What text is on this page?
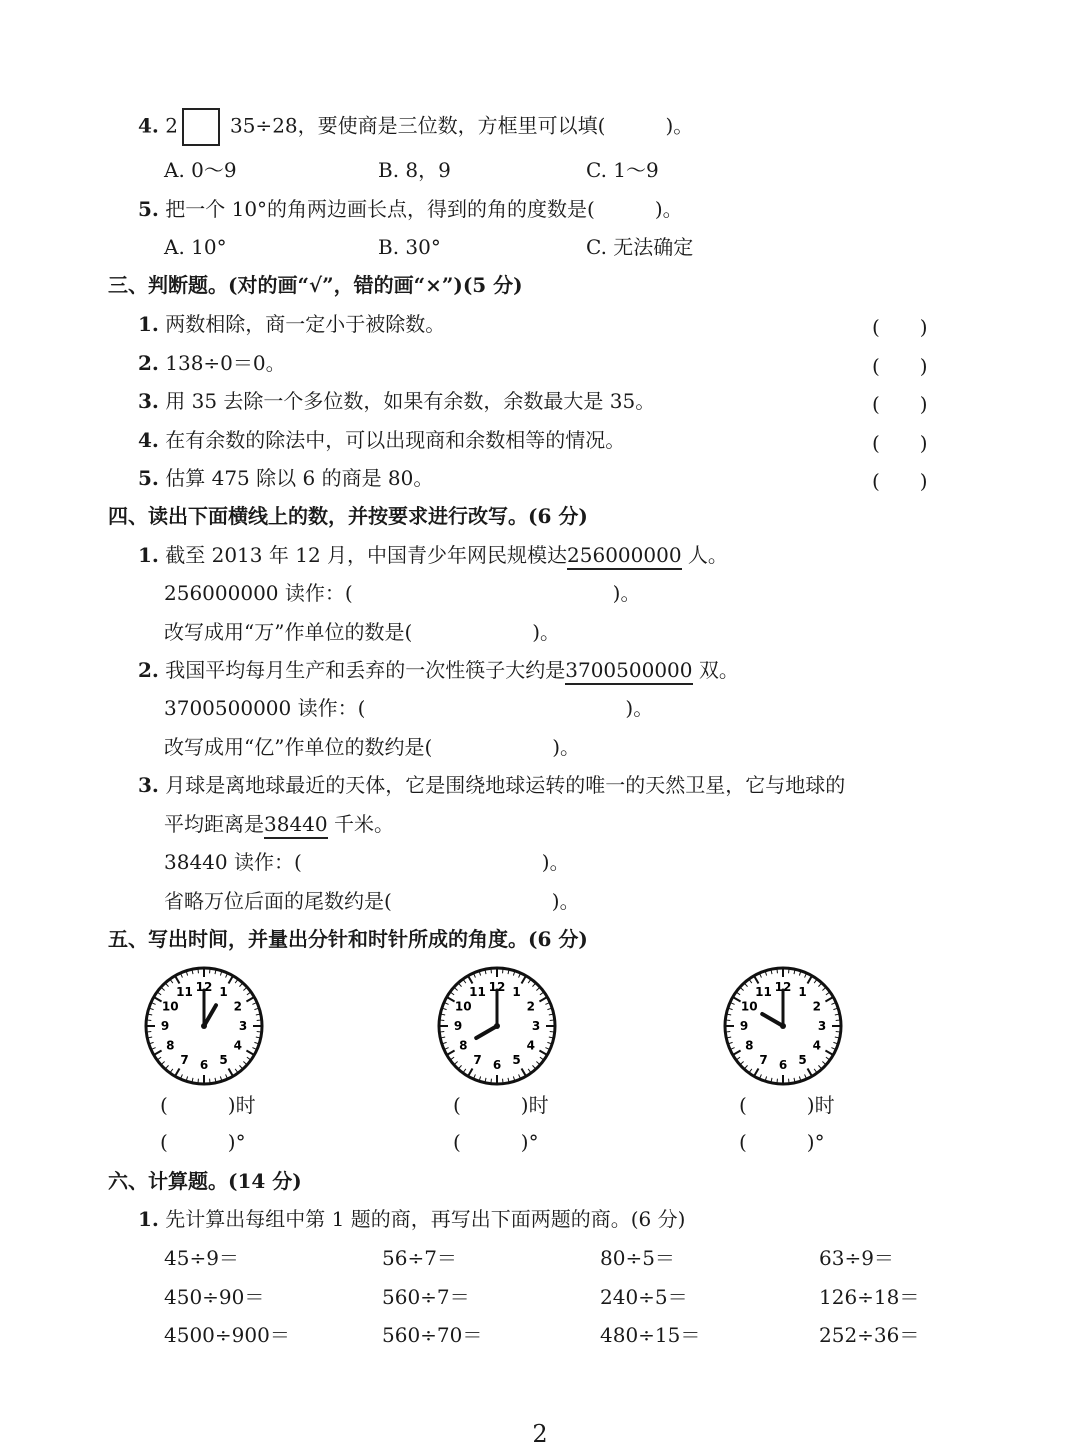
4. 2	35÷28，要使商是三位数，方框里可以填(　　　)。
A. 0～9	B. 8，9	C. 1～9
5. 把一个 10°的角两边画长点，得到的角的度数是(　　　)。
A. 10°	B. 30°	C. 无法确定
三、判断题。(对的画“√”，错的画“×”)(5 分)
1. 两数相除，商一定小于被除数。	(　　)
2. 138÷0＝0。	(　　)
3. 用 35 去除一个多位数，如果有余数，余数最大是 35。	(　　)
4. 在有余数的除法中，可以出现商和余数相等的情况。	(　　)
5. 估算 475 除以 6 的商是 80。	(　　)
四、读出下面横线上的数，并按要求进行改写。(6 分)
1. 截至 2013 年 12 月，中国青少年网民规模达256000000 人。
256000000 读作：(　　　　　　　　　　　　　)。
改写成用“万”作单位的数是(　　　　　　)。
2. 我国平均每月生产和丢弃的一次性筷子大约是3700500000 双。
3700500000 读作：(　　　　　　　　　　　　　)。
改写成用“亿”作单位的数约是(　　　　　　)。
3. 月球是离地球最近的天体，它是围绕地球运转的唯一的天然卫星，它与地球的
平均距离是38440 千米。
38440 读作：(　　　　　　　　　　　　)。
省略万位后面的尾数约是(　　　　　　　　)。
五、写出时间，并量出分针和时针所成的角度。(6 分)
12 1
2
3
4
5
6
7
8
9
10
11
(　　　)时
(　　　)°
12 1
2
3
4
5
6
7
8
9
10
11
(　　　)时
(　　　)°
12 1
2
3
4
5
6
7
8
9
10
11
(　　　)时
(　　　)°
六、计算题。(14 分)
1. 先计算出每组中第 1 题的商，再写出下面两题的商。(6 分)
45÷9＝	56÷7＝	80÷5＝	63÷9＝
450÷90＝	560÷7＝	240÷5＝	126÷18＝
4500÷900＝	560÷70＝	480÷15＝	252÷36＝
2
